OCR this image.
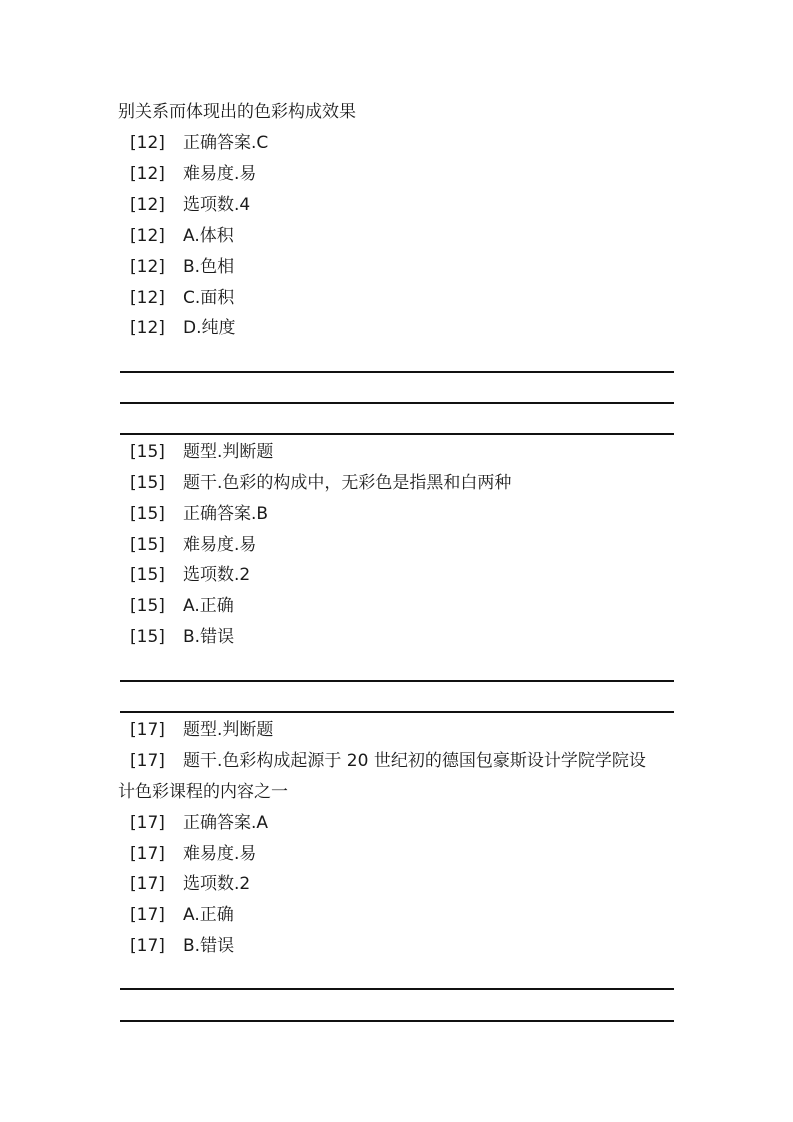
别关系而体现出的色彩构成效果
[12] 正确答案.C
[12] 难易度.易
[12] 选项数.4
[12] A.体积
[12] B.色相
[12] C.面积
[12] D.纯度
[15] 题型.判断题
[15] 题干.色彩的构成中，无彩色是指黑和白两种
[15] 正确答案.B
[15] 难易度.易
[15] 选项数.2
[15] A.正确
[15] B.错误
[17] 题型.判断题
[17] 题干.色彩构成起源于 20 世纪初的德国包豪斯设计学院学院设
计色彩课程的内容之一
[17] 正确答案.A
[17] 难易度.易
[17] 选项数.2
[17] A.正确
[17] B.错误
